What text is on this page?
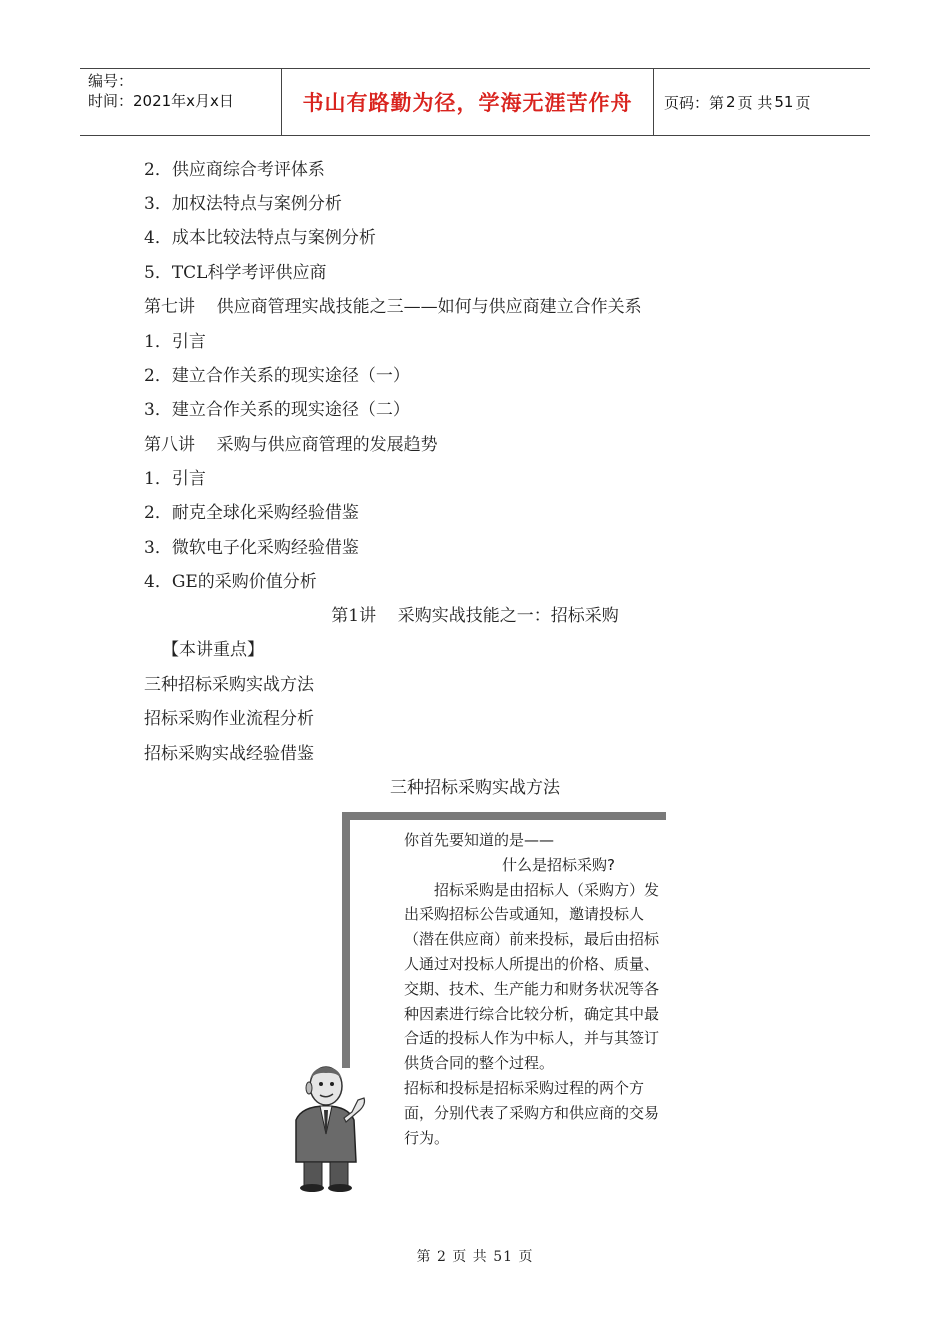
编号：
时间：2021年x月x日	书山有路勤为径，学海无涯苦作舟 页码：第 2 页 共 51 页
2．供应商综合考评体系
3．加权法特点与案例分析
4．成本比较法特点与案例分析
5．TCL科学考评供应商
第七讲    供应商管理实战技能之三——如何与供应商建立合作关系
1．引言
2．建立合作关系的现实途径（一）
3．建立合作关系的现实途径（二）
第八讲    采购与供应商管理的发展趋势
1．引言
2．耐克全球化采购经验借鉴
3．微软电子化采购经验借鉴
4．GE的采购价值分析
第1讲    采购实战技能之一：招标采购
【本讲重点】
三种招标采购实战方法
招标采购作业流程分析
招标采购实战经验借鉴
三种招标采购实战方法
你首先要知道的是——
什么是招标采购?
招标采购是由招标人（采购方）发出采购招标公告或通知，邀请投标人（潜在供应商）前来投标，最后由招标人通过对投标人所提出的价格、质量、交期、技术、生产能力和财务状况等各种因素进行综合比较分析，确定其中最合适的投标人作为中标人，并与其签订供货合同的整个过程。
招标和投标是招标采购过程的两个方面，分别代表了采购方和供应商的交易行为。
第 2 页 共 51 页
